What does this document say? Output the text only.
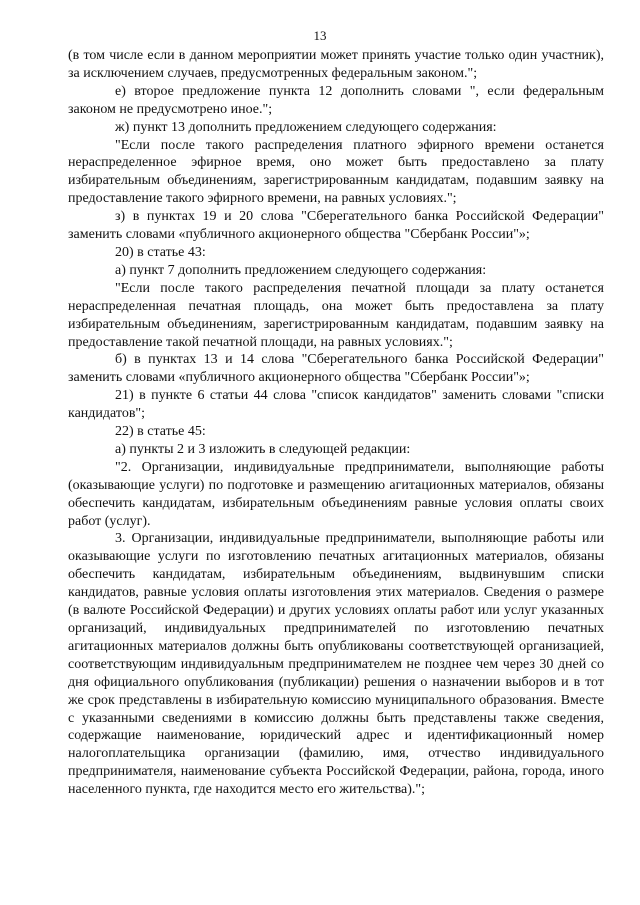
13

(в том числе если в данном мероприятии может принять участие только один участник), за исключением случаев, предусмотренных федеральным законом.";

е) второе предложение пункта 12 дополнить словами ", если федеральным законом не предусмотрено иное.";

ж) пункт 13 дополнить предложением следующего содержания:

"Если после такого распределения платного эфирного времени останется нераспределенное эфирное время, оно может быть предоставлено за плату избирательным объединениям, зарегистрированным кандидатам, подавшим заявку на предоставление такого эфирного времени, на равных условиях.";

з) в пунктах 19 и 20 слова "Сберегательного банка Российской Федерации" заменить словами «публичного акционерного общества "Сбербанк России"»;

20) в статье 43:

а) пункт 7 дополнить предложением следующего содержания:

"Если после такого распределения печатной площади за плату останется нераспределенная печатная площадь, она может быть предоставлена за плату избирательным объединениям, зарегистрированным кандидатам, подавшим заявку на предоставление такой печатной площади, на равных условиях.";

б) в пунктах 13 и 14 слова "Сберегательного банка Российской Федерации" заменить словами «публичного акционерного общества "Сбербанк России"»;

21) в пункте 6 статьи 44 слова "список кандидатов" заменить словами "списки кандидатов";

22) в статье 45:

а) пункты 2 и 3 изложить в следующей редакции:

"2. Организации, индивидуальные предприниматели, выполняющие работы (оказывающие услуги) по подготовке и размещению агитационных материалов, обязаны обеспечить кандидатам, избирательным объединениям равные условия оплаты своих работ (услуг).

3. Организации, индивидуальные предприниматели, выполняющие работы или оказывающие услуги по изготовлению печатных агитационных материалов, обязаны обеспечить кандидатам, избирательным объединениям, выдвинувшим списки кандидатов, равные условия оплаты изготовления этих материалов. Сведения о размере (в валюте Российской Федерации) и других условиях оплаты работ или услуг указанных организаций, индивидуальных предпринимателей по изготовлению печатных агитационных материалов должны быть опубликованы соответствующей организацией, соответствующим индивидуальным предпринимателем не позднее чем через 30 дней со дня официального опубликования (публикации) решения о назначении выборов и в тот же срок представлены в избирательную комиссию муниципального образования. Вместе с указанными сведениями в комиссию должны быть представлены также сведения, содержащие наименование, юридический адрес и идентификационный номер налогоплательщика организации (фамилию, имя, отчество индивидуального предпринимателя, наименование субъекта Российской Федерации, района, города, иного населенного пункта, где находится место его жительства).";
